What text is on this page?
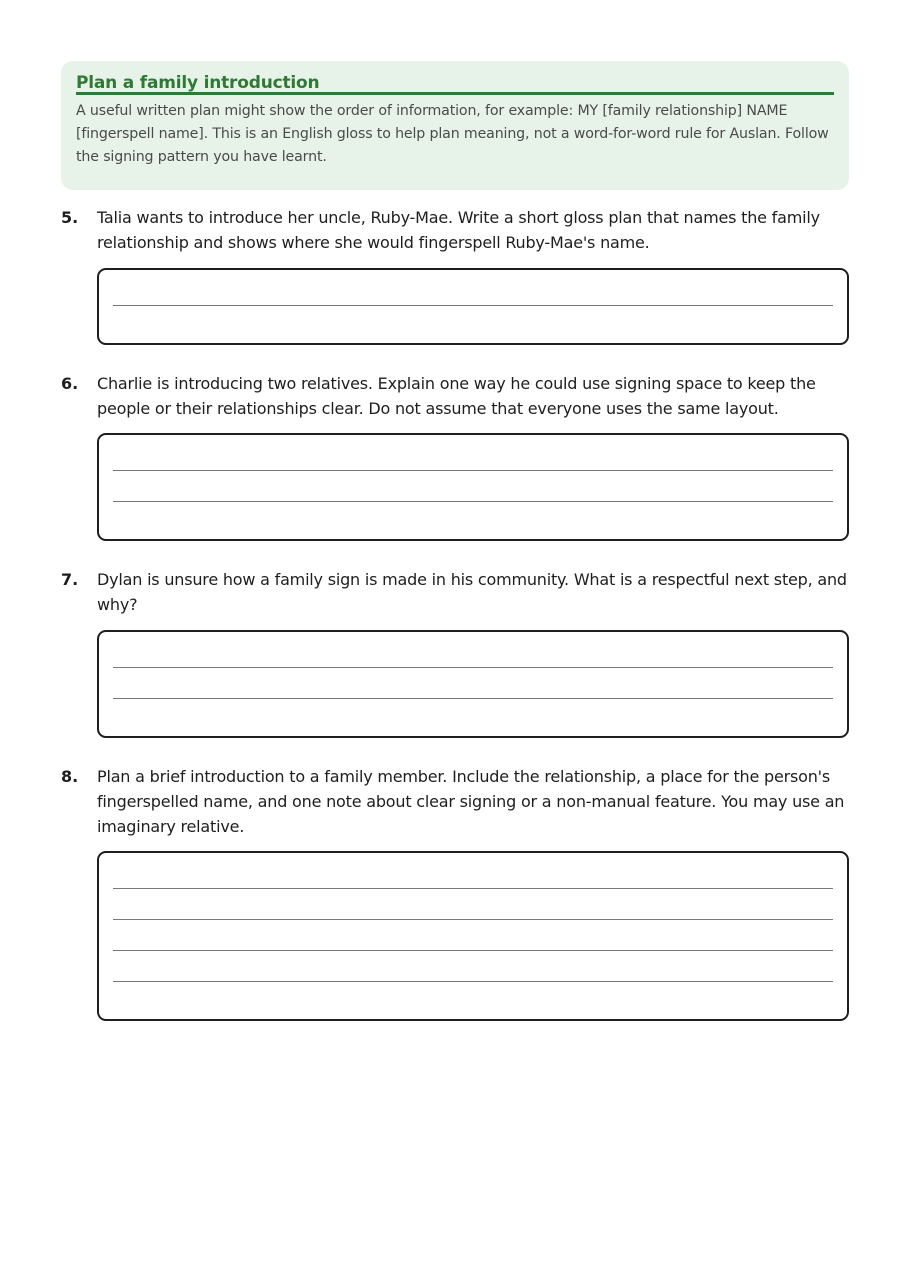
Plan a family introduction

A useful written plan might show the order of information, for example: MY [family relationship] NAME [fingerspell name]. This is an English gloss to help plan meaning, not a word-for-word rule for Auslan. Follow the signing pattern you have learnt.

5. Talia wants to introduce her uncle, Ruby-Mae. Write a short gloss plan that names the family relationship and shows where she would fingerspell Ruby-Mae's name.
6. Charlie is introducing two relatives. Explain one way he could use signing space to keep the people or their relationships clear. Do not assume that everyone uses the same layout.
7. Dylan is unsure how a family sign is made in his community. What is a respectful next step, and why?
8. Plan a brief introduction to a family member. Include the relationship, a place for the person's fingerspelled name, and one note about clear signing or a non-manual feature. You may use an imaginary relative.
